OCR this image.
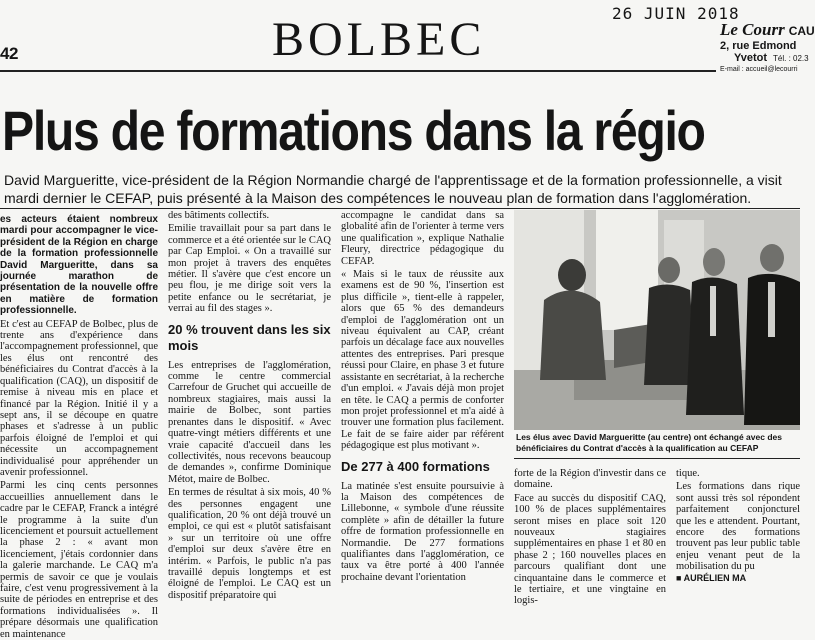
42	BOLBEC	26 JUIN 2018
Le Courr CAU
2, rue Edmond
Yvetot Tél. : 02.3
E-mail : accueil@lecourri
Plus de formations dans la régio
David Margueritte, vice-président de la Région Normandie chargé de l'apprentissage et de la formation professionnelle, a visit
mardi dernier le CEFAP, puis présenté à la Maison des compétences le nouveau plan de formation dans l'agglomération.

es acteurs étaient nombreux mardi pour accompagner le vice-président de la Région en charge de la formation professionnelle David Margueritte, dans sa journée marathon de présentation de la nouvelle offre en matière de formation professionnelle.

Et c'est au CEFAP de Bolbec, plus de trente ans d'expérience dans l'accompagnement professionnel, que les élus ont rencontré des bénéficiaires du Contrat d'accès à la qualification (CAQ), un dispositif de remise à niveau mis en place et financé par la Région. Initié il y a sept ans, il se découpe en quatre phases et s'adresse à un public parfois éloigné de l'emploi et qui nécessite un accompagnement individualisé pour appréhender un avenir professionnel.

Parmi les cinq cents personnes accueillies annuellement dans le cadre par le CEFAP, Franck a intégré le programme à la suite d'un licenciement et poursuit actuellement la phase 2 : « avant mon licenciement, j'étais cordonnier dans la galerie marchande. Le CAQ m'a permis de savoir ce que je voulais faire, c'est venu progressivement à la suite de périodes en entreprise et des formations individualisées ». Il prépare désormais une qualification en maintenance

des bâtiments collectifs.

Emilie travaillait pour sa part dans le commerce et a été orientée sur le CAQ par Cap Emploi. « On a travaillé sur mon projet à travers des enquêtes métier. Il s'avère que c'est encore un peu flou, je me dirige soit vers la petite enfance ou le secrétariat, je verrai au fil des stages ».

20 % trouvent dans les six mois

Les entreprises de l'agglomération, comme le centre commercial Carrefour de Gruchet qui accueille de nombreux stagiaires, mais aussi la mairie de Bolbec, sont parties prenantes dans le dispositif. « Avec quatre-vingt métiers différents et une vraie capacité d'accueil dans les collectivités, nous recevons beaucoup de demandes », confirme Dominique Métot, maire de Bolbec.

En termes de résultat à six mois, 40 % des personnes engagent une qualification, 20 % ont déjà trouvé un emploi, ce qui est « plutôt satisfaisant » sur un territoire où une offre d'emploi sur deux s'avère être en intérim. « Parfois, le public n'a pas travaillé depuis longtemps et est éloigné de l'emploi. Le CAQ est un dispositif préparatoire qui

accompagne le candidat dans sa globalité afin de l'orienter à terme vers une qualification », explique Nathalie Fleury, directrice pédagogique du CEFAP.

« Mais si le taux de réussite aux examens est de 90 %, l'insertion est plus difficile », tient-elle à rappeler, alors que 65 % des demandeurs d'emploi de l'agglomération ont un niveau équivalent au CAP, créant parfois un décalage face aux nouvelles attentes des entreprises. Pari presque réussi pour Claire, en phase 3 et future assistante en secrétariat, à la recherche d'un emploi. « J'avais déjà mon projet en tête. le CAQ a permis de conforter mon projet professionnel et m'a aidé à trouver une formation plus facilement. Le fait de se faire aider par référent pédagogique est plus motivant ».

De 277 à 400 formations

La matinée s'est ensuite poursuivie à la Maison des compétences de Lillebonne, « symbole d'une réussite complète » afin de détailler la future offre de formation professionnelle en Normandie. De 277 formations qualifiantes dans l'agglomération, ce taux va être porté à 400 l'année prochaine devant l'orientation

Les élus avec David Margueritte (au centre) ont échangé avec des bénéficiaires du Contrat d'accès à la qualification au CEFAP

forte de la Région d'investir dans ce domaine.

Face au succès du dispositif CAQ, 100 % de places supplémentaires seront mises en place soit 120 nouveaux stagiaires supplémentaires en phase 1 et 80 en phase 2 ; 160 nouvelles places en parcours qualifiant dont une cinquantaine dans le commerce et le tertiaire, et une vingtaine en logis-

tique.

Les formations dans rique sont aussi très sol répondent parfaitement conjoncturel que les e attendent. Pourtant, encore des formations trouvent pas leur public table enjeu venant peut de la mobilisation du pu

■ AURÉLIEN MA
